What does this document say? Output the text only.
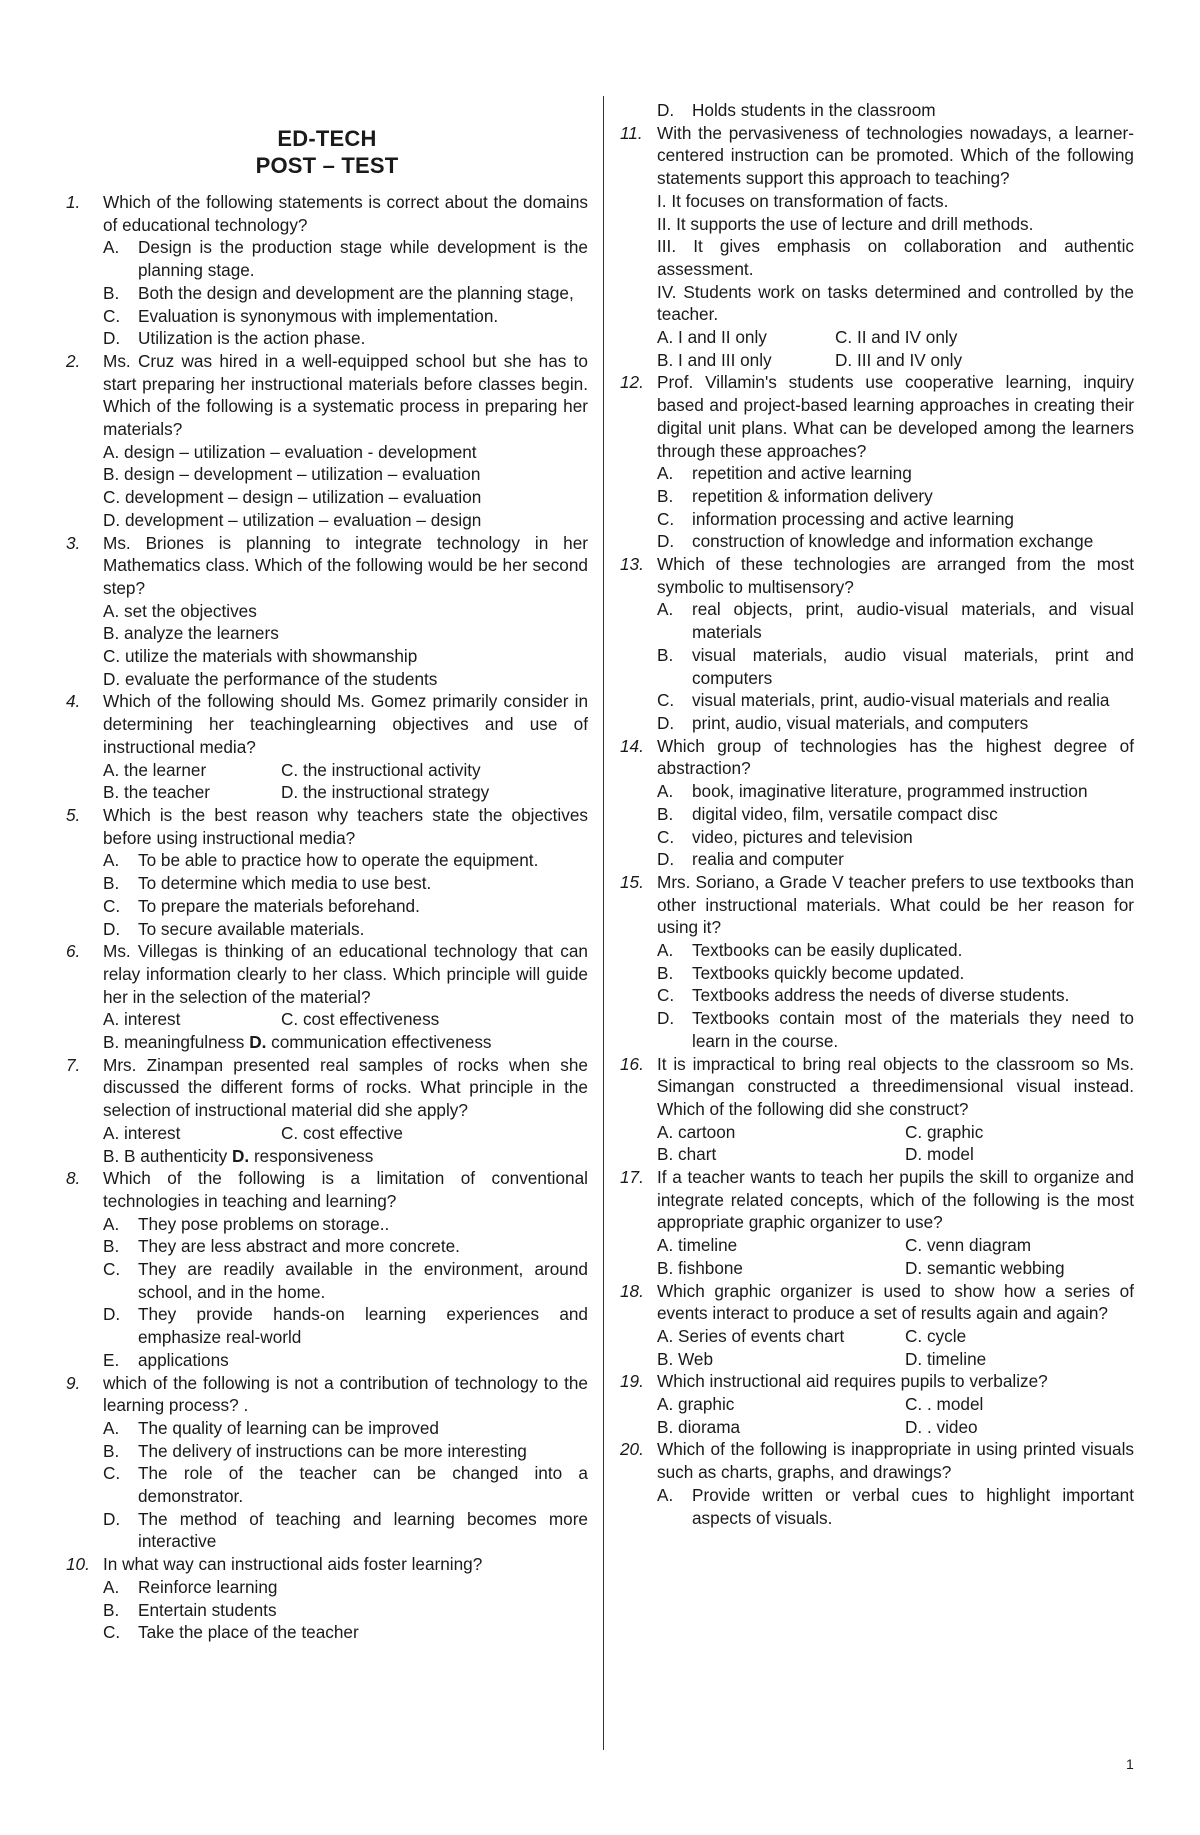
ED-TECH
POST – TEST
1.	Which of the following statements is correct about the domains of educational technology?
A.	Design is the production stage while development is the planning stage.
B.	Both the design and development are the planning stage,
C.	Evaluation is synonymous with implementation.
D.	Utilization is the action phase.
2.	Ms. Cruz was hired in a well-equipped school but she has to start preparing her instructional materials before classes begin. Which of the following is a systematic process in preparing her materials?
A. design – utilization – evaluation - development
B. design – development – utilization – evaluation
C. development – design – utilization – evaluation
D. development – utilization – evaluation – design
3.	Ms. Briones is planning to integrate technology in her Mathematics class. Which of the following would be her second step?
A. set the objectives
B. analyze the learners
C. utilize the materials with showmanship
D. evaluate the performance of the students
4.	Which of the following should Ms. Gomez primarily consider in determining her teachinglearning objectives and use of instructional media?
A. the learner	C. the instructional activity
B. the teacher	D. the instructional strategy
5.	Which is the best reason why teachers state the objectives before using instructional media?
A.	To be able to practice how to operate the equipment.
B.	To determine which media to use best.
C.	To prepare the materials beforehand.
D.	To secure available materials.
6.	Ms. Villegas is thinking of an educational technology that can relay information clearly to her class. Which principle will guide her in the selection of the material?
A. interest	C. cost effectiveness
B. meaningfulness D. communication effectiveness
7.	Mrs. Zinampan presented real samples of rocks when she discussed the different forms of rocks. What principle in the selection of instructional material did she apply?
A. interest	C. cost effective
B. B authenticity D. responsiveness
8.	Which of the following is a limitation of conventional technologies in teaching and learning?
A.	They pose problems on storage..
B.	They are less abstract and more concrete.
C.	They are readily available in the environment, around school, and in the home.
D.	They provide hands-on learning experiences and emphasize real-world
E.	applications
9.	which of the following is not a contribution of technology to the learning process? .
A.	The quality of learning can be improved
B.	The delivery of instructions can be more interesting
C.	The role of the teacher can be changed into a demonstrator.
D.	The method of teaching and learning becomes more interactive
10. In what way can instructional aids foster learning?
A.	Reinforce learning
B.	Entertain students
C.	Take the place of the teacher
D.	Holds students in the classroom
11. With the pervasiveness of technologies nowadays, a learner-centered instruction can be promoted. Which of the following statements support this approach to teaching?
I. It focuses on transformation of facts.
II. It supports the use of lecture and drill methods.
III. It gives emphasis on collaboration and authentic assessment.
IV. Students work on tasks determined and controlled by the teacher.
A. I and II only	C. II and IV only
B. I and III only	D. III and IV only
12. Prof. Villamin's students use cooperative learning, inquiry based and project-based learning approaches in creating their digital unit plans. What can be developed among the learners through these approaches?
A.	repetition and active learning
B.	repetition & information delivery
C.	information processing and active learning
D.	construction of knowledge and information exchange
13. Which of these technologies are arranged from the most symbolic to multisensory?
A.	real objects, print, audio-visual materials, and visual materials
B.	visual materials, audio visual materials, print and computers
C.	visual materials, print, audio-visual materials and realia
D.	print, audio, visual materials, and computers
14. Which group of technologies has the highest degree of abstraction?
A.	book, imaginative literature, programmed instruction
B.	digital video, film, versatile compact disc
C.	video, pictures and television
D.	realia and computer
15. Mrs. Soriano, a Grade V teacher prefers to use textbooks than other instructional materials. What could be her reason for using it?
A.	Textbooks can be easily duplicated.
B.	Textbooks quickly become updated.
C.	Textbooks address the needs of diverse students.
D.	Textbooks contain most of the materials they need to learn in the course.
16. It is impractical to bring real objects to the classroom so Ms. Simangan constructed a threedimensional visual instead. Which of the following did she construct?
A. cartoon	C. graphic
B. chart	D. model
17. If a teacher wants to teach her pupils the skill to organize and integrate related concepts, which of the following is the most appropriate graphic organizer to use?
A. timeline	C. venn diagram
B. fishbone	D. semantic webbing
18. Which graphic organizer is used to show how a series of events interact to produce a set of results again and again?
A. Series of events chart	C. cycle
B. Web	D. timeline
19. Which instructional aid requires pupils to verbalize?
A. graphic	C. . model
B. diorama	D. . video
20. Which of the following is inappropriate in using printed visuals such as charts, graphs, and drawings?
A.	Provide written or verbal cues to highlight important aspects of visuals.
1
